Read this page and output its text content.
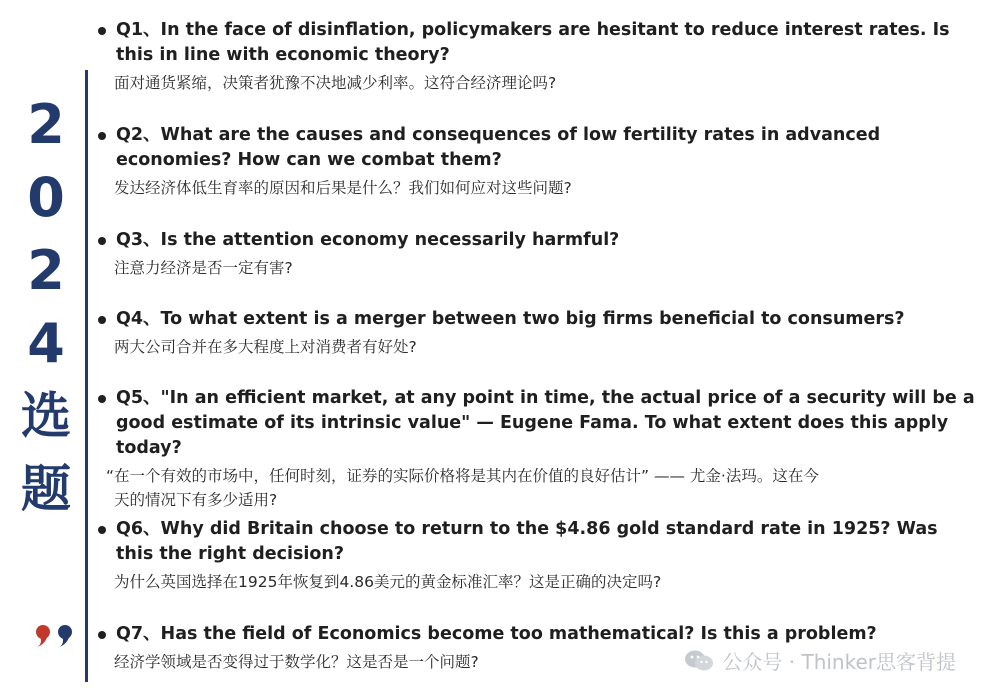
2
0
2
4
选
题
Q1、In the face of disinflation, policymakers are hesitant to reduce interest rates. Is this in line with economic theory?
面对通货紧缩，决策者犹豫不决地减少利率。这符合经济理论吗?
Q2、What are the causes and consequences of low fertility rates in advanced economies? How can we combat them?
发达经济体低生育率的原因和后果是什么？我们如何应对这些问题?
Q3、Is the attention economy necessarily harmful?
注意力经济是否一定有害?
Q4、To what extent is a merger between two big firms beneficial to consumers?
两大公司合并在多大程度上对消费者有好处?
Q5、"In an efficient market, at any point in time, the actual price of a security will be a good estimate of its intrinsic value" — Eugene Fama. To what extent does this apply today?
“在一个有效的市场中，任何时刻，证券的实际价格将是其内在价值的良好估计” —— 尤金·法玛。这在今
天的情况下有多少适用?
Q6、Why did Britain choose to return to the $4.86 gold standard rate in 1925? Was this the right decision?
为什么英国选择在1925年恢复到4.86美元的黄金标准汇率？这是正确的决定吗?
Q7、Has the field of Economics become too mathematical? Is this a problem?
经济学领域是否变得过于数学化？这是否是一个问题?	公众号 · Thinker思客背提
